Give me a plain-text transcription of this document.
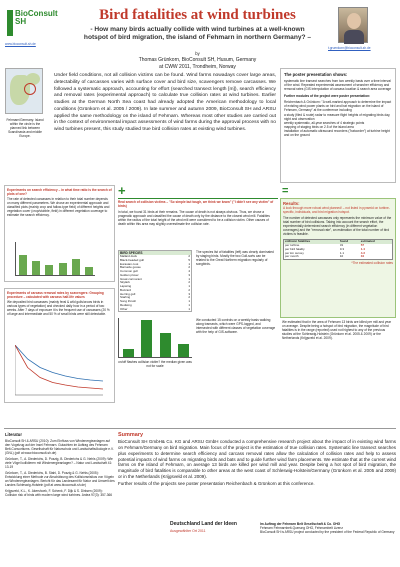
BioConsult SH
www.bioconsult-sh.de
Bird fatalities at wind turbines
- How many birds actually collide with wind turbines at a well-known hotspot of bird migration, the island of Fehmarn in northern Germany? –
by
Thomas Grünkorn, BioConsult SH, Husum, Germany
at CWW 2011, Trondheim, Norway
t.gruenkorn@bioconsult-sh.de
Fehmarn/Germany: Island within the circle is the planned link between Scandinavia and middle Europe.
Under field conditions, not all collision victims can be found. Wind farms nowadays cover large areas, detectability of carcasses varies with surface cover and bird size, scavengers remove carcasses. We followed a systematic approach, accounting for effort (searched transect length [m]), search efficiency and removal rates (experimental approach) to calculate true collision rates at wind turbines. Earlier studies at the German North Sea coast had already adopted the American methodology to local conditions (Grünkorn et al. 2005 / 2009). In late summer and autumn 2009, BioConsult SH and ARSU applied the same methodology on the island of Fehmarn. Whereas most other studies are carried out in the context of environmental impact assessments of wind farms during the approval process with no wind turbines present, this study studied true bird collision rates at existing wind turbines.
The poster presentation shows:
systematic line transect searches from two weekly basis over a time interval of the wind. Repeated experimental assessment of searcher efficiency and removal rates (GIS interpolation of carcass location & search area coverage
Further modules of the project were poster presentation:
Reichenbach & Grünkorn: "A well-marked approach to determine the impact of existing wind power plants on bird and bat migration on the island of Fehmarn, Germany" at the conference including
a study (filed & route) radar to measure flight heights of migrating birds day, night and observation
weekly systematic, all-year searches of 4 strategic points
mapping of staging birds on 2.5 of the island area
installation of automatic ultrasound recorders ("batcorder") at turbine height and on the ground
Experiments on search efficiency – in what time ratio is the search of plots of one?
The rate of detected carcasses in relation to their total number depends on many different parameters. We chose an experimental approach and classified plots (mainly crop and fallow-type field) of different heights and vegetation cover (crop/stubble, field) in different vegetation coverage to estimate the search efficiency.
Experiments of carcass removal rates by scavengers: Grouping procedure – calculated with carcass half-life values
We deposited bird carcasses (mainly feral & wild gulls/crows birds in various types of vegetation) and checked daily how in a period of two weeks. After 7 days of exposure it is the frequent use of carcasses (20 % of large and intermediate and 50 % of small birds were still detectable.
+
Real search of collision victims – "So simple but tough, we think we know" ("I didn't see any victim" of birds)
In total, we found 31 birds at their remains. The cause of death is not always obvious. Thus, we chose a pragmatic approach and classified the cause of death only by the distance to the closest wind mill. Fatalities within the radius of the total height of the wind mill were considered to be a collision victim. Other causes of death within this area may slightly overestimate the collision rate.
BIRD SPECIES
Mallard duck	2
Black-headed gull	5
Eurasian coot	1
Barnacle goose	2
Common gull	4
Golden plover	3
Great cormorant	1
Skylark	2
Lapwing	1
Buzzard	2
Herring gull	3
Starling	2
Song thrush	1
Redwing	1
Other	1
The species list of fatalities (left) was clearly dominated by staging birds. Mostly the two Gull-sorts can be related to the Great Northern migration regularly of songbirds.
on/off flashes collision victim? the median given was not for scale
We conducted 15 controls on a weekly basis walking along transects, which were GPS-logged, and intersected with different classes of vegetation coverage with the help of GIS-software.
=
Results:
A look through more robust wind planned! – not listed in pyramid on turbine-specific, individuals, and bird migration hotspot.
The number of detected carcasses only represents the minimum value of the total number of bird collisions. Taking into account the search effort, the experimentally determined search efficiency (in different vegetation coverages) and the "removal rate", an estimation of the total number of bird victims is feasible.
collision fatalities	found	estimated
per turbine	31	57
per bird fatality	0.3	1.4
per km survey	1.1	4.3
per month	10	34
*The estimated collision rates
We estimated that in the area of Fehmarn 13 birds are killed per mill and year on average. Despite being a hotspot of bird migration, the magnitude of bird fatalities is in the range (reported) used not highest to any of the previous studies at the Schleswig-Holstein (Grünkorn et al. 2005 & 2009) or the Netherlands (Krijgsveld et al. 2009).
Literatur
BioConsult SH & ARSU (2010): Zum Einfluss von Windenergieanlagen auf den Vogelzug auf der Insel Fehmarn. Gutachten im Auftrag des Fehmarn Belt-Consortiums. Gesellschaft für Naturschutz und Landschaftsökologie e.V. (GNL) (pdf at www.bioconsult-sh.de)
Grünkorn, T., A. Diederichs, D. Poszig, B. Diederichs & G. Nehls (2009): Wie viele Vögel kollidieren mit Windenergieanlagen? – Natur und Landschaft 41: 13-19
Grünkorn, T., A. Diederichs, B. Stahl, D. Poszig & G. Nehls (2005): Entwicklung einer Methode zur Abschätzung des Kollisionsrisikos von Vögeln an Windenergieanlagen. Bericht für das Landesamt für Natur und Umwelt des Landes Schleswig-Holstein (pdf at www.bioconsult-sh.de)
Krijgsveld, K.L., K. Akershoek, F. Schenk, F. Dijk & S. Dirksen (2009): Collision risk of birds with modern large wind turbines. Ardea 97(3): 357-366
Summary
BioConsult SH GmbH& Co. KG and ARSU GmbH conducted a comprehensive research project about the impact of in existing wind farms on Fehmarn/Germany on bird migration. Main focus of the project is the estimation of true collision rates. Systematic line transect searches plus experiments to determine search efficiency and carcass removal rates allow the calculation of collision rates and help to assess potential impacts of wind farms on migrating birds and bats and to guide further wind farm placements. We estimate that at the current wind farms on the island of Fehmarn, on average 13 birds are killed per wind mill and year. Despite being a hot spot of bird migration, the magnitude of bird fatalities is comparable to other areas at the west coast of Schleswig-Holstein/Germany (Grünkorn et al. 2005 and 2009) or in the Netherlands (Krijgsveld et al. 2009).
Further results of the projects see poster presentation Reichenbach & Grünkorn at this conference.
Deutschland Land der Ideen
Ausgewählter Ort 2011
Im Auftrag der Fehmarn Belt Gesellschaft & Co. OHG
Fehmarn Fehmarnbelt-Querung OHG, Fehmarnbelt Lizenz
BioConsult SH is ARSU project conducted by the president of the Federal Republic of Germany
